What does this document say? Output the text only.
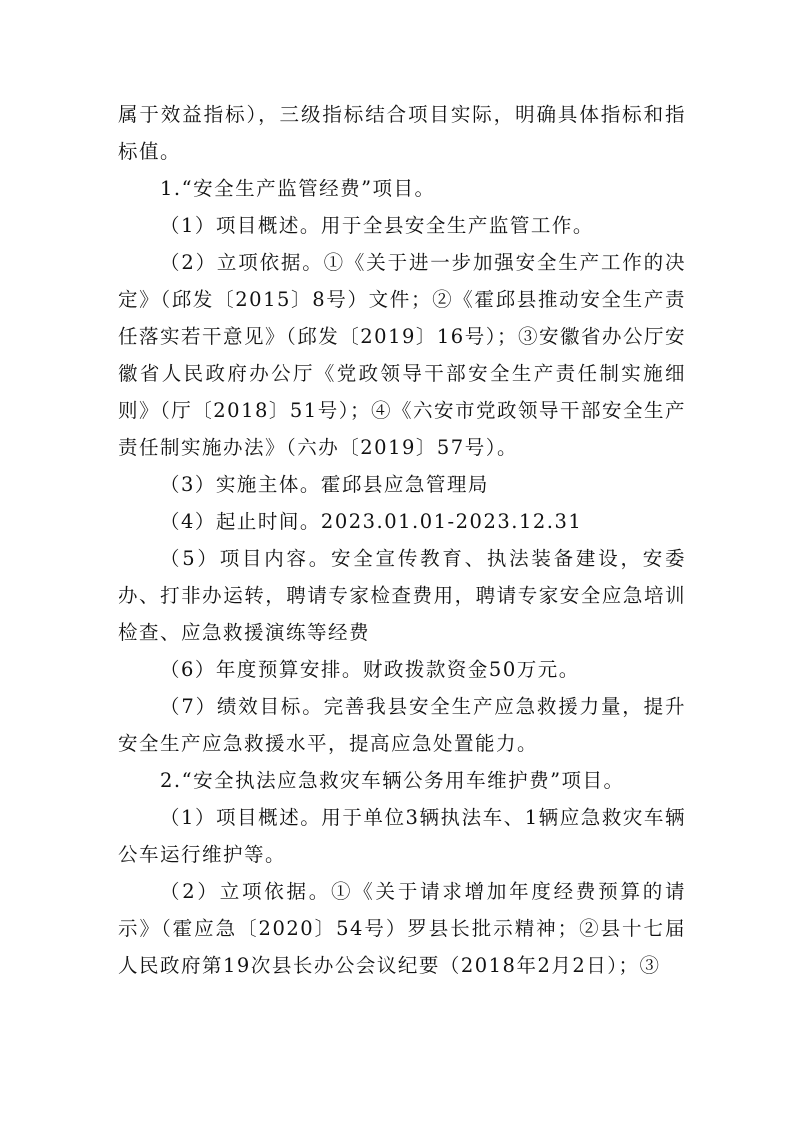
属于效益指标），三级指标结合项目实际，明确具体指标和指标值。

1.“安全生产监管经费”项目。

（1）项目概述。用于全县安全生产监管工作。

（2）立项依据。①《关于进一步加强安全生产工作的决定》（邱发〔2015〕8号）文件；②《霍邱县推动安全生产责任落实若干意见》（邱发〔2019〕16号）；③安徽省办公厅安徽省人民政府办公厅《党政领导干部安全生产责任制实施细则》（厅〔2018〕51号）；④《六安市党政领导干部安全生产责任制实施办法》（六办〔2019〕57号）。

（3）实施主体。霍邱县应急管理局

（4）起止时间。2023.01.01-2023.12.31

（5）项目内容。安全宣传教育、执法装备建设，安委办、打非办运转，聘请专家检查费用，聘请专家安全应急培训检查、应急救援演练等经费

（6）年度预算安排。财政拨款资金50万元。

（7）绩效目标。完善我县安全生产应急救援力量，提升安全生产应急救援水平，提高应急处置能力。

2.“安全执法应急救灾车辆公务用车维护费”项目。

（1）项目概述。用于单位3辆执法车、1辆应急救灾车辆公车运行维护等。

（2）立项依据。①《关于请求增加年度经费预算的请示》（霍应急〔2020〕54号）罗县长批示精神；②县十七届人民政府第19次县长办公会议纪要（2018年2月2日）；③
